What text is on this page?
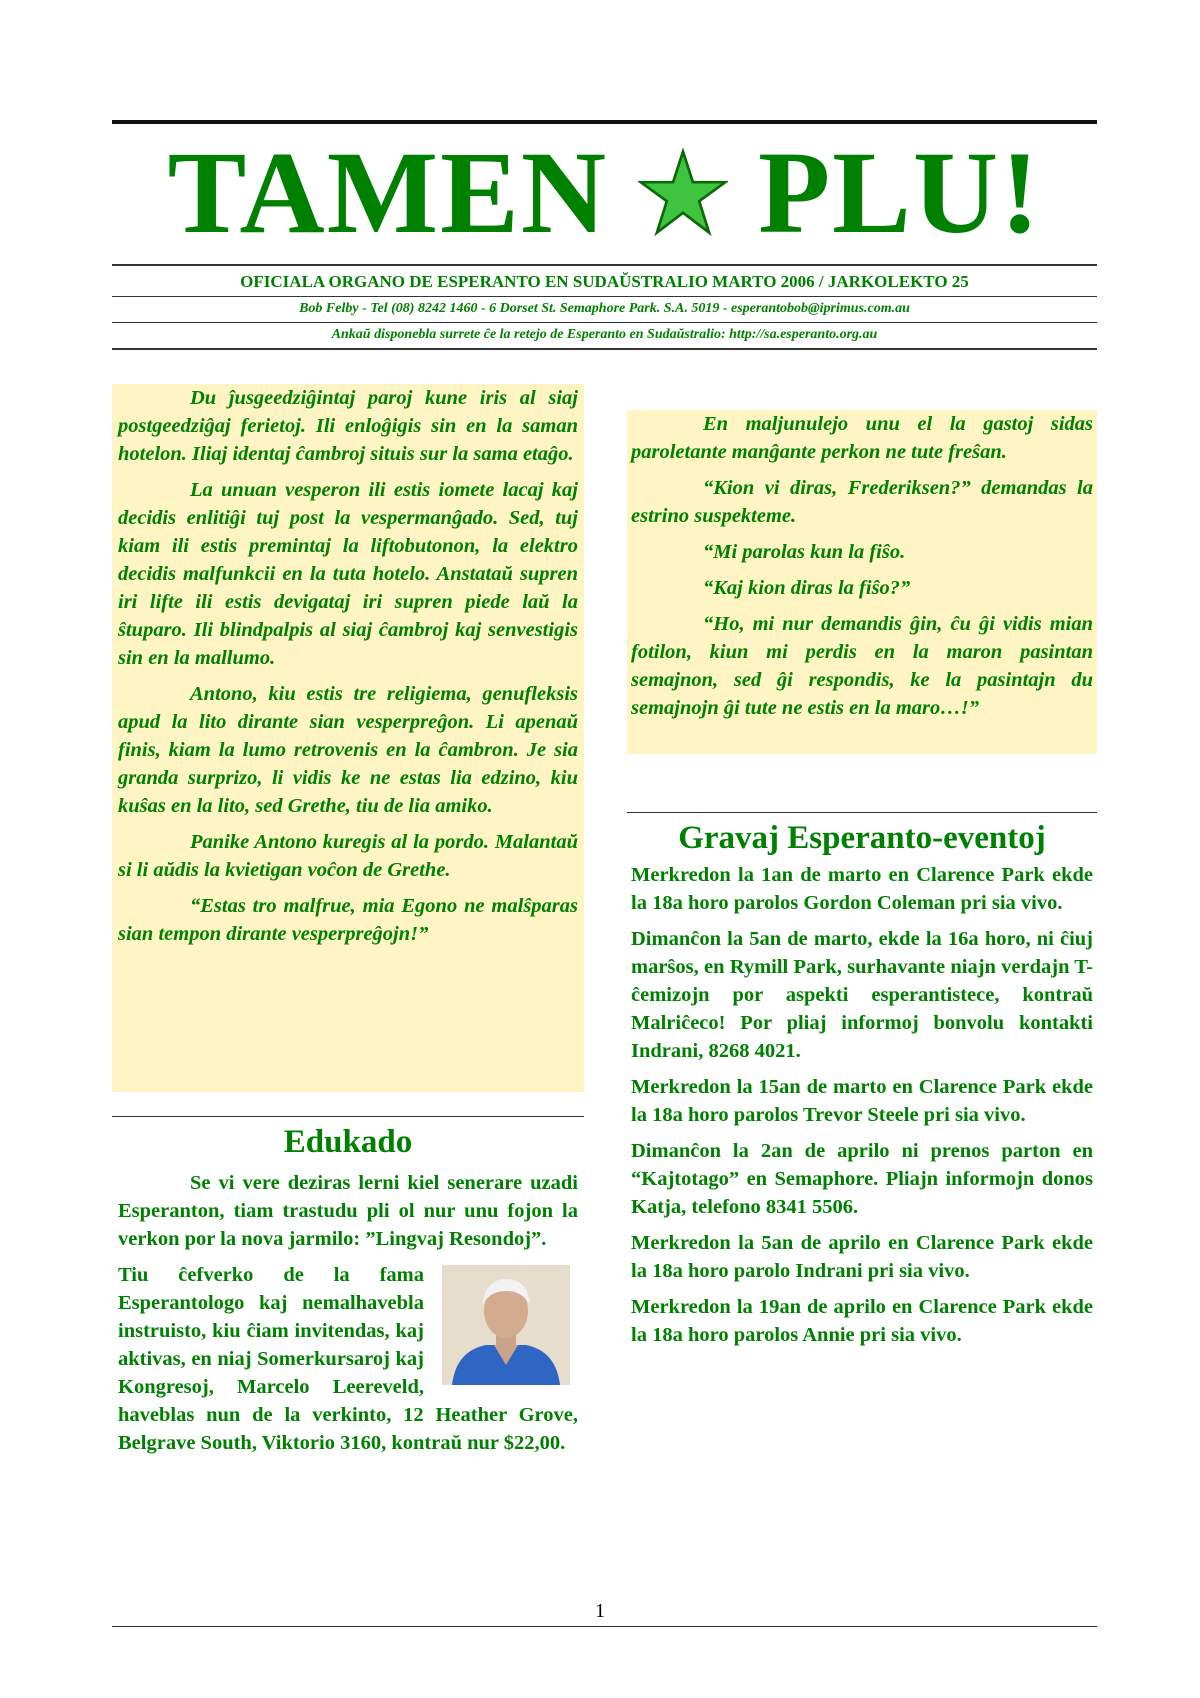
TAMEN PLU!
OFICIALA ORGANO DE ESPERANTO EN SUDAŬSTRALIO MARTO 2006 / JARKOLEKTO 25
Bob Felby - Tel (08) 8242 1460 - 6 Dorset St. Semaphore Park. S.A. 5019 - esperantobob@iprimus.com.au
Ankaŭ disponebla surrete ĉe la retejo de Esperanto en Sudaŭstralio: http://sa.esperanto.org.au

Du ĵusgeedziĝintaj paroj kune iris al siaj postgeedziĝaj ferietoj. Ili enloĝigis sin en la saman hotelon. Iliaj identaj ĉambroj situis sur la sama etaĝo.

La unuan vesperon ili estis iomete lacaj kaj decidis enlitiĝi tuj post la vespermanĝado. Sed, tuj kiam ili estis premintaj la liftobutonon, la elektro decidis malfunkcii en la tuta hotelo. Anstataŭ supren iri lifte ili estis devigataj iri supren piede laŭ la ŝtuparo. Ili blindpalpis al siaj ĉambroj kaj senvestigis sin en la mallumo.

Antono, kiu estis tre religiema, genufleksis apud la lito dirante sian vesperpreĝon. Li apenaŭ finis, kiam la lumo retrovenis en la ĉambron. Je sia granda surprizo, li vidis ke ne estas lia edzino, kiu kuŝas en la lito, sed Grethe, tiu de lia amiko.

Panike Antono kuregis al la pordo. Malantaŭ si li aŭdis la kvietigan voĉon de Grethe.

“Estas tro malfrue, mia Egono ne malŝparas sian tempon dirante vesperpreĝojn!”

En maljunulejo unu el la gastoj sidas paroletante manĝante perkon ne tute freŝan.

“Kion vi diras, Frederiksen?” demandas la estrino suspekteme.

“Mi parolas kun la fiŝo.

“Kaj kion diras la fiŝo?”

“Ho, mi nur demandis ĝin, ĉu ĝi vidis mian fotilon, kiun mi perdis en la maron pasintan semajnon, sed ĝi respondis, ke la pasintajn du semajnojn ĝi tute ne estis en la maro…!”

Edukado

Se vi vere deziras lerni kiel senerare uzadi Esperanton, tiam trastudu pli ol nur unu fojon la verkon por la nova jarmilo: ”Lingvaj Resondoj”.

Tiu ĉefverko de la fama Esperantologo kaj nemalhavebla instruisto, kiu ĉiam invitendas, kaj aktivas, en niaj Somerkursaroj kaj Kongresoj, Marcelo Leereveld, haveblas nun de la verkinto, 12 Heather Grove, Belgrave South, Viktorio 3160, kontraŭ nur $22,00.

Gravaj Esperanto-eventoj

Merkredon la 1an de marto en Clarence Park ekde la 18a horo parolos Gordon Coleman pri sia vivo.

Dimanĉon la 5an de marto, ekde la 16a horo, ni ĉiuj marŝos, en Rymill Park, surhavante niajn verdajn T-ĉemizojn por aspekti esperantistece, kontraŭ Malriĉeco! Por pliaj informoj bonvolu kontakti Indrani, 8268 4021.

Merkredon la 15an de marto en Clarence Park ekde la 18a horo parolos Trevor Steele pri sia vivo.

Dimanĉon la 2an de aprilo ni prenos parton en “Kajtotago” en Semaphore. Pliajn informojn donos Katja, telefono 8341 5506.

Merkredon la 5an de aprilo en Clarence Park ekde la 18a horo parolo Indrani pri sia vivo.

Merkredon la 19an de aprilo en Clarence Park ekde la 18a horo parolos Annie pri sia vivo.

1
